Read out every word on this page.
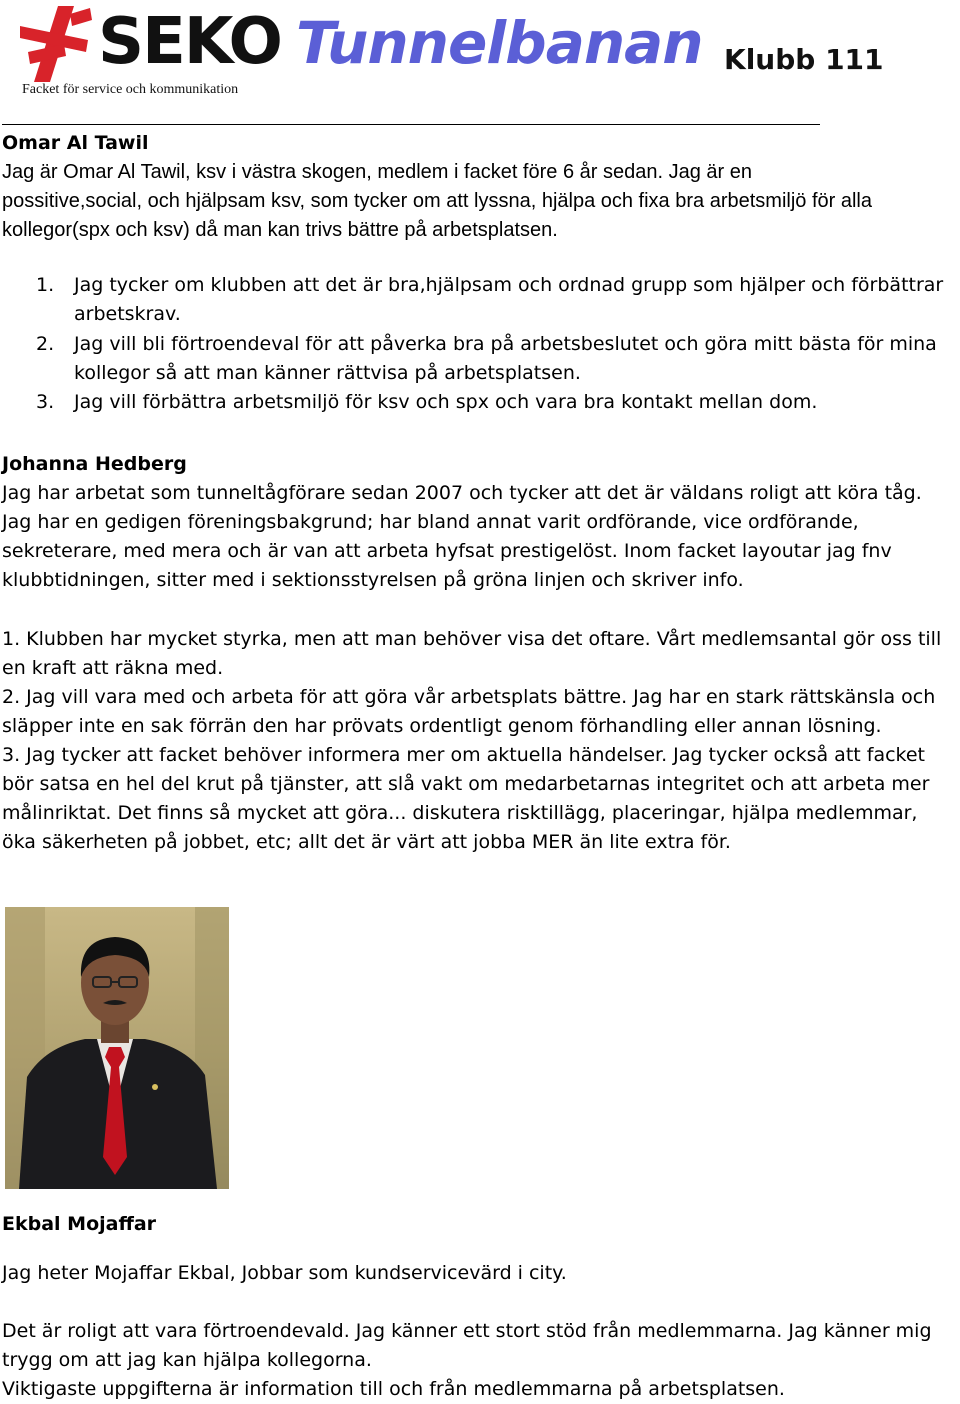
SEKO
Facket för service och kommunikation
Tunnelbanan Klubb 111
Omar Al Tawil
Jag är Omar Al Tawil, ksv i västra skogen, medlem i facket före 6 år sedan. Jag är en
possitive,social, och hjälpsam ksv, som tycker om att lyssna, hjälpa och fixa bra arbetsmiljö för alla
kollegor(spx och ksv) då man kan trivs bättre på arbetsplatsen.
1.	Jag tycker om klubben att det är bra,hjälpsam och ordnad grupp som hjälper och förbättrar
arbetskrav.
2.	Jag vill bli förtroendeval för att påverka bra på arbetsbeslutet och göra mitt bästa för mina
kollegor så att man känner rättvisa på arbetsplatsen.
3.	Jag vill förbättra arbetsmiljö för ksv och spx och vara bra kontakt mellan dom.
Johanna Hedberg
Jag har arbetat som tunneltågförare sedan 2007 och tycker att det är väldans roligt att köra tåg.
Jag har en gedigen föreningsbakgrund; har bland annat varit ordförande, vice ordförande,
sekreterare, med mera och är van att arbeta hyfsat prestigelöst. Inom facket layoutar jag fnv
klubbtidningen, sitter med i sektionsstyrelsen på gröna linjen och skriver info.
1. Klubben har mycket styrka, men att man behöver visa det oftare. Vårt medlemsantal gör oss till
en kraft att räkna med.
2. Jag vill vara med och arbeta för att göra vår arbetsplats bättre. Jag har en stark rättskänsla och
släpper inte en sak förrän den har prövats ordentligt genom förhandling eller annan lösning.
3. Jag tycker att facket behöver informera mer om aktuella händelser. Jag tycker också att facket
bör satsa en hel del krut på tjänster, att slå vakt om medarbetarnas integritet och att arbeta mer
målinriktat. Det finns så mycket att göra... diskutera risktillägg, placeringar, hjälpa medlemmar,
öka säkerheten på jobbet, etc; allt det är värt att jobba MER än lite extra för.
Ekbal Mojaffar
Jag heter Mojaffar Ekbal, Jobbar som kundservicevärd i city.
Det är roligt att vara förtroendevald. Jag känner ett stort stöd från medlemmarna. Jag känner mig
trygg om att jag kan hjälpa kollegorna.
Viktigaste uppgifterna är information till och från medlemmarna på arbetsplatsen.
